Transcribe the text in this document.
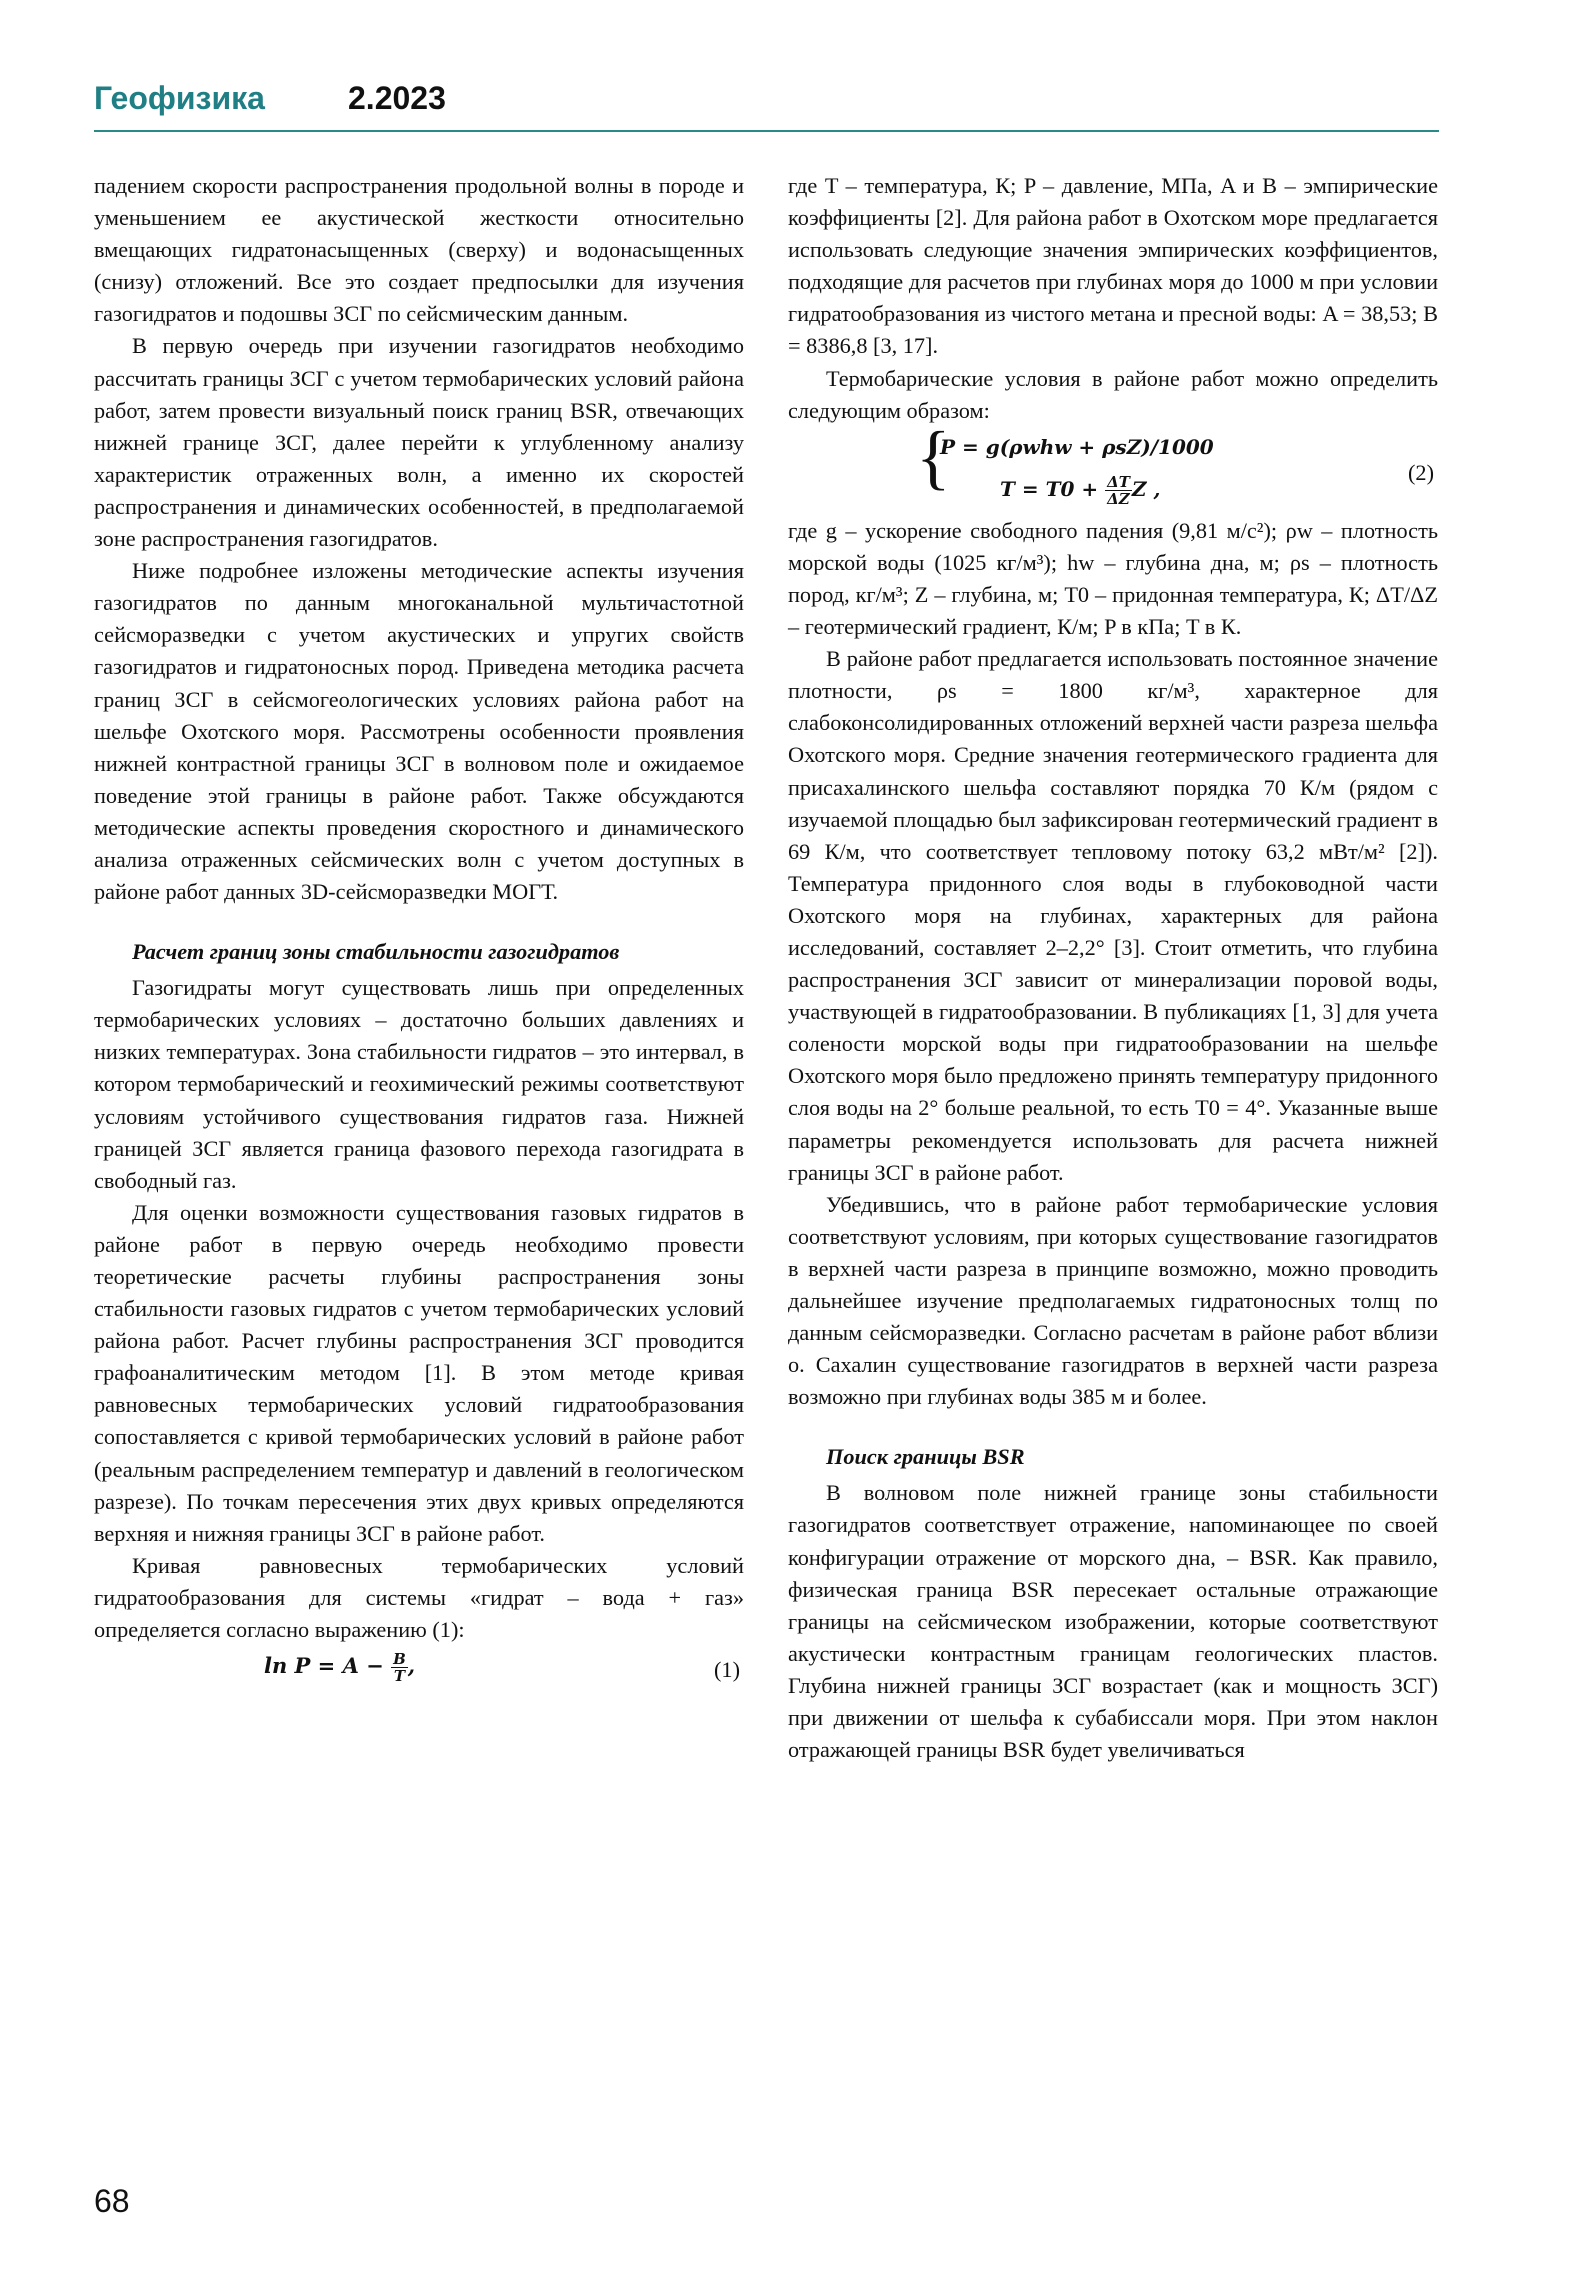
Геофизика	2.2023

падением скорости распространения продольной волны в породе и уменьшением ее акустической жесткости относительно вмещающих гидратонасыщенных (сверху) и водонасыщенных (снизу) отложений. Все это создает предпосылки для изучения газогидратов и подошвы ЗСГ по сейсмическим данным.

В первую очередь при изучении газогидратов необходимо рассчитать границы ЗСГ с учетом термобарических условий района работ, затем провести визуальный поиск границ BSR, отвечающих нижней границе ЗСГ, далее перейти к углубленному анализу характеристик отраженных волн, а именно их скоростей распространения и динамических особенностей, в предполагаемой зоне распространения газогидратов.

Ниже подробнее изложены методические аспекты изучения газогидратов по данным многоканальной мультичастотной сейсморазведки с учетом акустических и упругих свойств газогидратов и гидратоносных пород. Приведена методика расчета границ ЗСГ в сейсмогеологических условиях района работ на шельфе Охотского моря. Рассмотрены особенности проявления нижней контрастной границы ЗСГ в волновом поле и ожидаемое поведение этой границы в районе работ. Также обсуждаются методические аспекты проведения скоростного и динамического анализа отраженных сейсмических волн с учетом доступных в районе работ данных 3D-сейсморазведки МОГТ.

Расчет границ зоны стабильности газогидратов

Газогидраты могут существовать лишь при определенных термобарических условиях – достаточно больших давлениях и низких температурах. Зона стабильности гидратов – это интервал, в котором термобарический и геохимический режимы соответствуют условиям устойчивого существования гидратов газа. Нижней границей ЗСГ является граница фазового перехода газогидрата в свободный газ.

Для оценки возможности существования газовых гидратов в районе работ в первую очередь необходимо провести теоретические расчеты глубины распространения зоны стабильности газовых гидратов с учетом термобарических условий района работ. Расчет глубины распространения ЗСГ проводится графоаналитическим методом [1]. В этом методе кривая равновесных термобарических условий гидратообразования сопоставляется с кривой термобарических условий в районе работ (реальным распределением температур и давлений в геологическом разрезе). По точкам пересечения этих двух кривых определяются верхняя и нижняя границы ЗСГ в районе работ.

Кривая равновесных термобарических условий гидратообразования для системы «гидрат – вода + газ» определяется согласно выражению (1):

$\ln P = A - \frac{B}{T}$ ,	(1)

где T – температура, К; P – давление, МПа, A и B – эмпирические коэффициенты [2]. Для района работ в Охотском море предлагается использовать следующие значения эмпирических коэффициентов, подходящие для расчетов при глубинах моря до 1000 м при условии гидратообразования из чистого метана и пресной воды: A = 38,53; B = 8386,8 [3, 17].

Термобарические условия в районе работ можно определить следующим образом:

{
P = g(ρwhw + ρsZ)/1000
$T = T0 + \frac{\Delta T}{\Delta Z}$ Z ,
(2)

где g – ускорение свободного падения (9,81 м/с²); ρw – плотность морской воды (1025 кг/м³); hw – глубина дна, м; ρs – плотность пород, кг/м³; Z – глубина, м; T0 – придонная температура, К; ΔT/ΔZ – геотермический градиент, К/м; P в кПа; T в К.

В районе работ предлагается использовать постоянное значение плотности, ρs = 1800 кг/м³, характерное для слабоконсолидированных отложений верхней части разреза шельфа Охотского моря. Средние значения геотермического градиента для присахалинского шельфа составляют порядка 70 К/м (рядом с изучаемой площадью был зафиксирован геотермический градиент в 69 К/м, что соответствует тепловому потоку 63,2 мВт/м² [2]). Температура придонного слоя воды в глубоководной части Охотского моря на глубинах, характерных для района исследований, составляет 2–2,2° [3]. Стоит отметить, что глубина распространения ЗСГ зависит от минерализации поровой воды, участвующей в гидратообразовании. В публикациях [1, 3] для учета солености морской воды при гидратообразовании на шельфе Охотского моря было предложено принять температуру придонного слоя воды на 2° больше реальной, то есть T0 = 4°. Указанные выше параметры рекомендуется использовать для расчета нижней границы ЗСГ в районе работ.

Убедившись, что в районе работ термобарические условия соответствуют условиям, при которых существование газогидратов в верхней части разреза в принципе возможно, можно проводить дальнейшее изучение предполагаемых гидратоносных толщ по данным сейсморазведки. Согласно расчетам в районе работ вблизи о. Сахалин существование газогидратов в верхней части разреза возможно при глубинах воды 385 м и более.

Поиск границы BSR

В волновом поле нижней границе зоны стабильности газогидратов соответствует отражение, напоминающее по своей конфигурации отражение от морского дна, – BSR. Как правило, физическая граница BSR пересекает остальные отражающие границы на сейсмическом изображении, которые соответствуют акустически контрастным границам геологических пластов. Глубина нижней границы ЗСГ возрастает (как и мощность ЗСГ) при движении от шельфа к субабиссали моря. При этом наклон отражающей границы BSR будет увеличиваться

68
